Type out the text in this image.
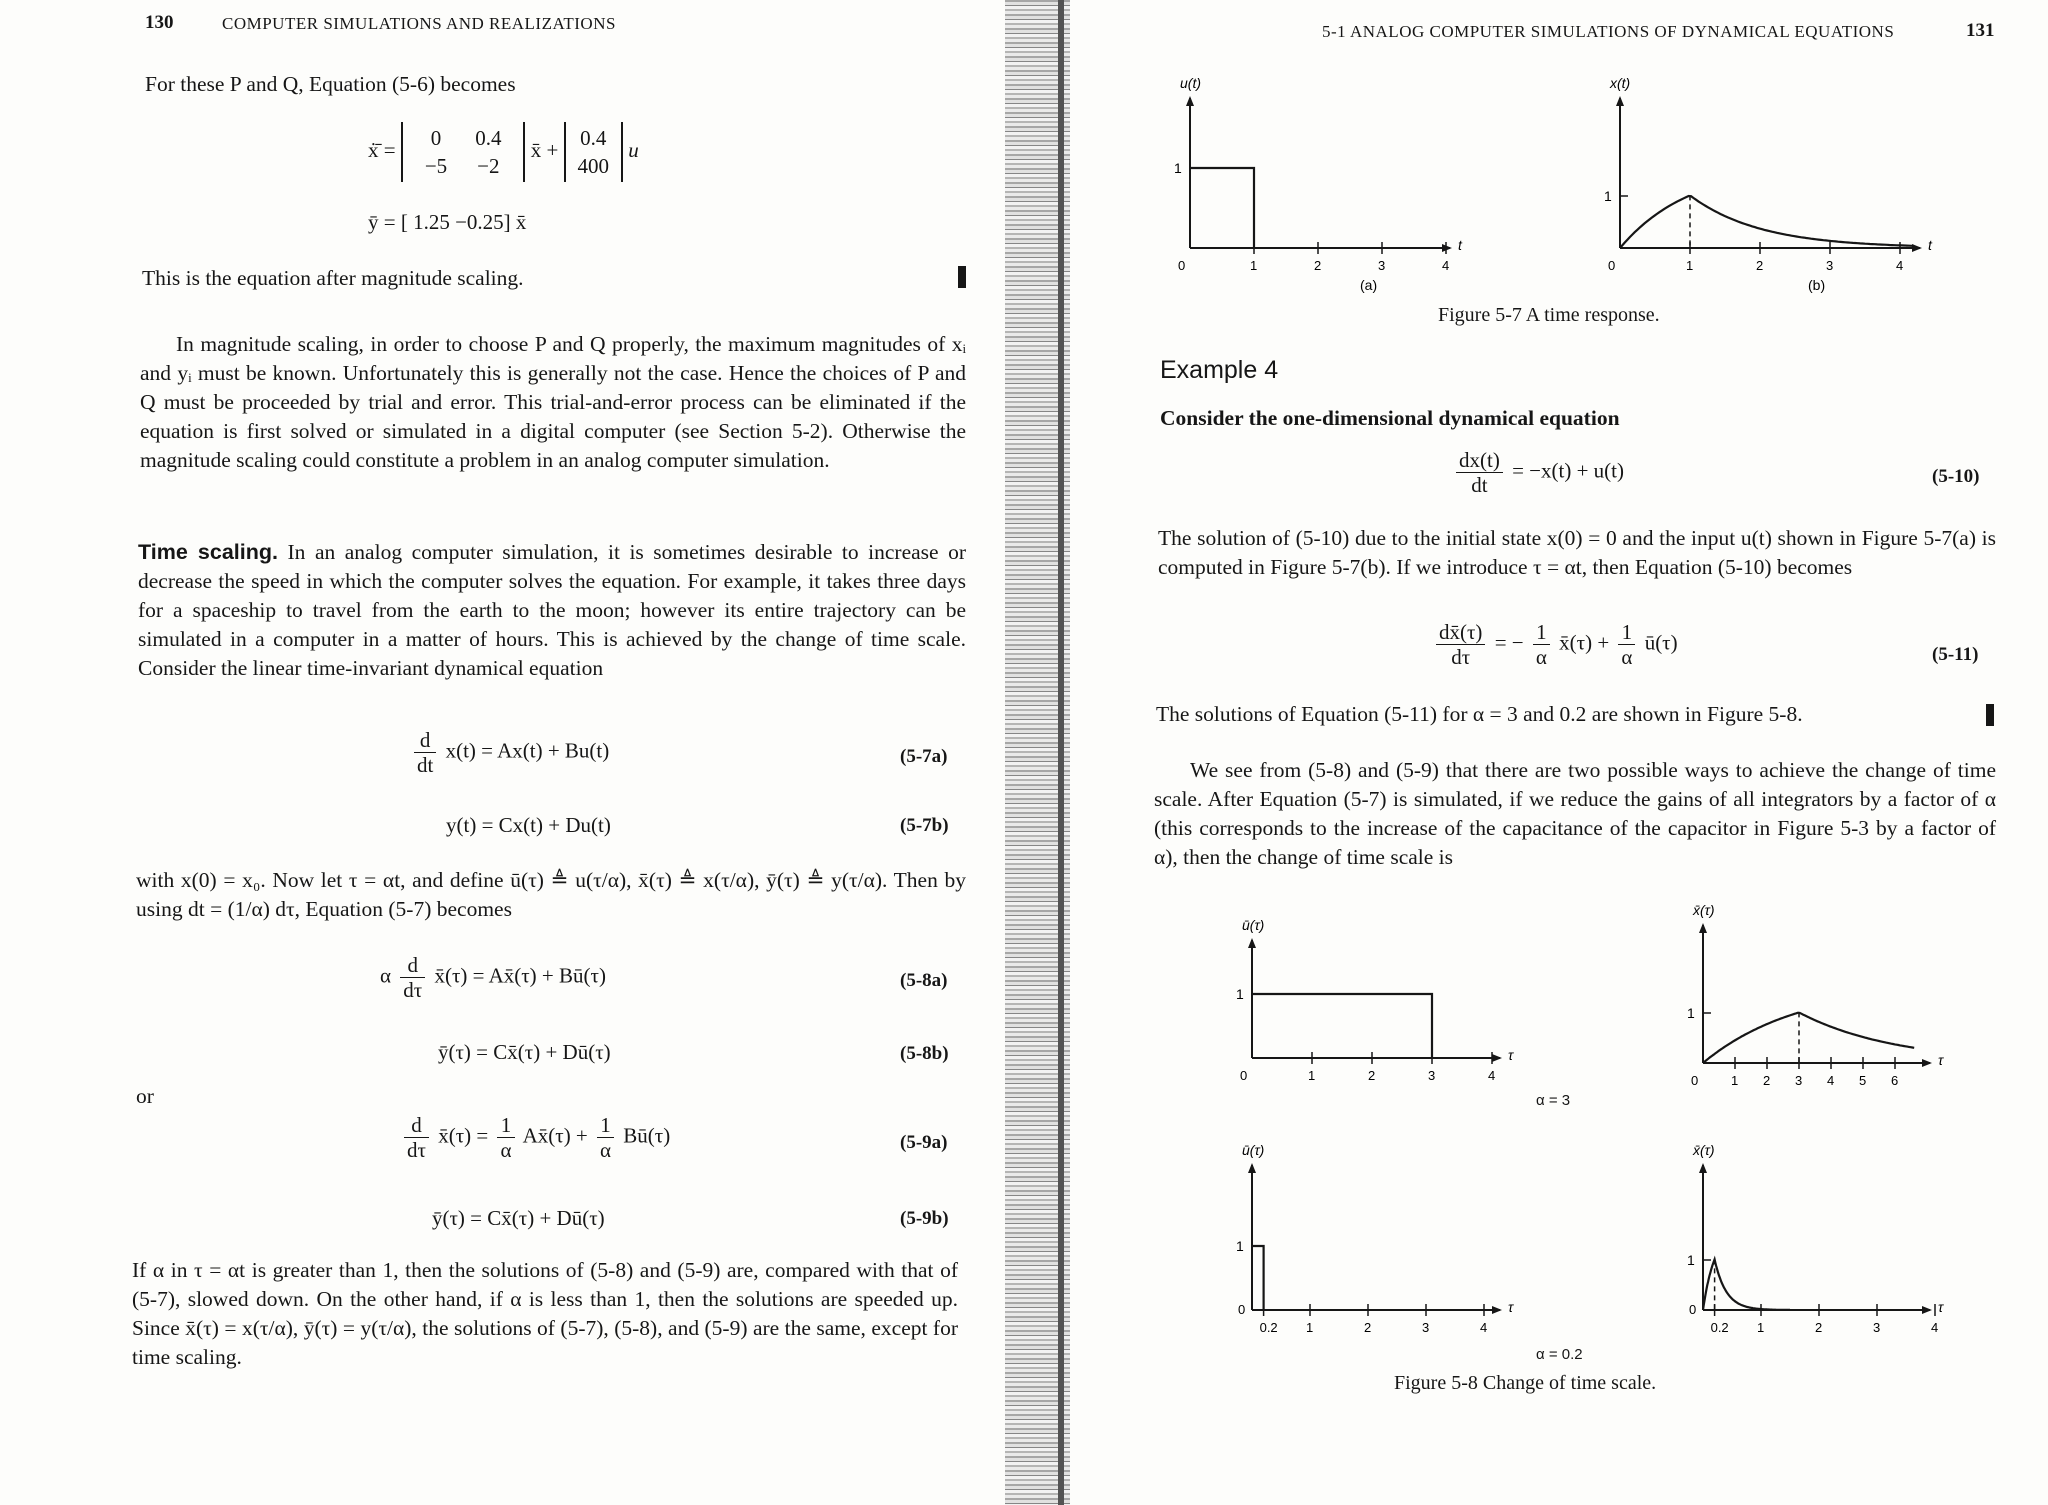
130	COMPUTER SIMULATIONS AND REALIZATIONS
For these P and Q, Equation (5-6) becomes
ẋ̄ = 0	0.4
−5	−2 x̄ + 0.4
400 u
ȳ = [ 1.25 −0.25] x̄
This is the equation after magnitude scaling.

In magnitude scaling, in order to choose P and Q properly, the maximum magnitudes of xᵢ and yᵢ must be known. Unfortunately this is generally not the case. Hence the choices of P and Q must be proceeded by trial and error. This trial-and-error process can be eliminated if the equation is first solved or simulated in a digital computer (see Section 5-2). Otherwise the magnitude scaling could constitute a problem in an analog computer simulation.

Time scaling. In an analog computer simulation, it is sometimes desirable to increase or decrease the speed in which the computer solves the equation. For example, it takes three days for a spaceship to travel from the earth to the moon; however its entire trajectory can be simulated in a computer in a matter of hours. This is achieved by the change of time scale. Consider the linear time-invariant dynamical equation

$\frac{d}{dt} x(t) = Ax(t) + Bu(t)$	(5-7a)
y(t) = Cx(t) + Du(t)	(5-7b)

with x(0) = x₀. Now let τ = αt, and define ū(τ) ≜ u(τ/α), x̄(τ) ≜ x(τ/α), ȳ(τ) ≜ y(τ/α). Then by using dt = (1/α) dτ, Equation (5-7) becomes

α $\frac{d}{d\tau}$ x̄(τ) = Ax̄(τ) + Bū(τ)	(5-8a)
ȳ(τ) = Cx̄(τ) + Dū(τ)	(5-8b)
or
$\frac{d}{d\tau}$ x̄(τ) = $\frac{1}{\alpha}$ Ax̄(τ) + $\frac{1}{\alpha}$ Bū(τ)	(5-9a)
ȳ(τ) = Cx̄(τ) + Dū(τ)	(5-9b)

If α in τ = αt is greater than 1, then the solutions of (5-8) and (5-9) are, compared with that of (5-7), slowed down. On the other hand, if α is less than 1, then the solutions are speeded up. Since x̄(τ) = x(τ/α), ȳ(τ) = y(τ/α), the solutions of (5-7), (5-8), and (5-9) are the same, except for time scaling.

5-1 ANALOG COMPUTER SIMULATIONS OF DYNAMICAL EQUATIONS	131
u(t)
t
1
0	1	2	3	4
(a)
x(t)
t
1
0	1	2	3	4
(b)
Figure 5-7 A time response.
Example 4
Consider the one-dimensional dynamical equation
$\frac{dx(t)}{dt} = -x(t) + u(t)$	(5-10)

The solution of (5-10) due to the initial state x(0) = 0 and the input u(t) shown in Figure 5-7(a) is computed in Figure 5-7(b). If we introduce τ = αt, then Equation (5-10) becomes

$\frac{dx̄(\tau)}{d\tau}$ = − $\frac{1}{\alpha}$ x̄(τ) + $\frac{1}{\alpha}$ ū(τ)
(5-11)
The solutions of Equation (5-11) for α = 3 and 0.2 are shown in Figure 5-8.

We see from (5-8) and (5-9) that there are two possible ways to achieve the change of time scale. After Equation (5-7) is simulated, if we reduce the gains of all integrators by a factor of α (this corresponds to the increase of the capacitance of the capacitor in Figure 5-3 by a factor of α), then the change of time scale is

ū(τ)
τ
1
0	1	2	3	4
x̄(τ)
τ
1
0	1 2 3 4 5 6
ū(τ)
τ
1
0.2 1	2	3	4
0
x̄(τ)
τ
1
0.2 1	2	3	4
0
α = 3
α = 0.2
Figure 5-8 Change of time scale.
